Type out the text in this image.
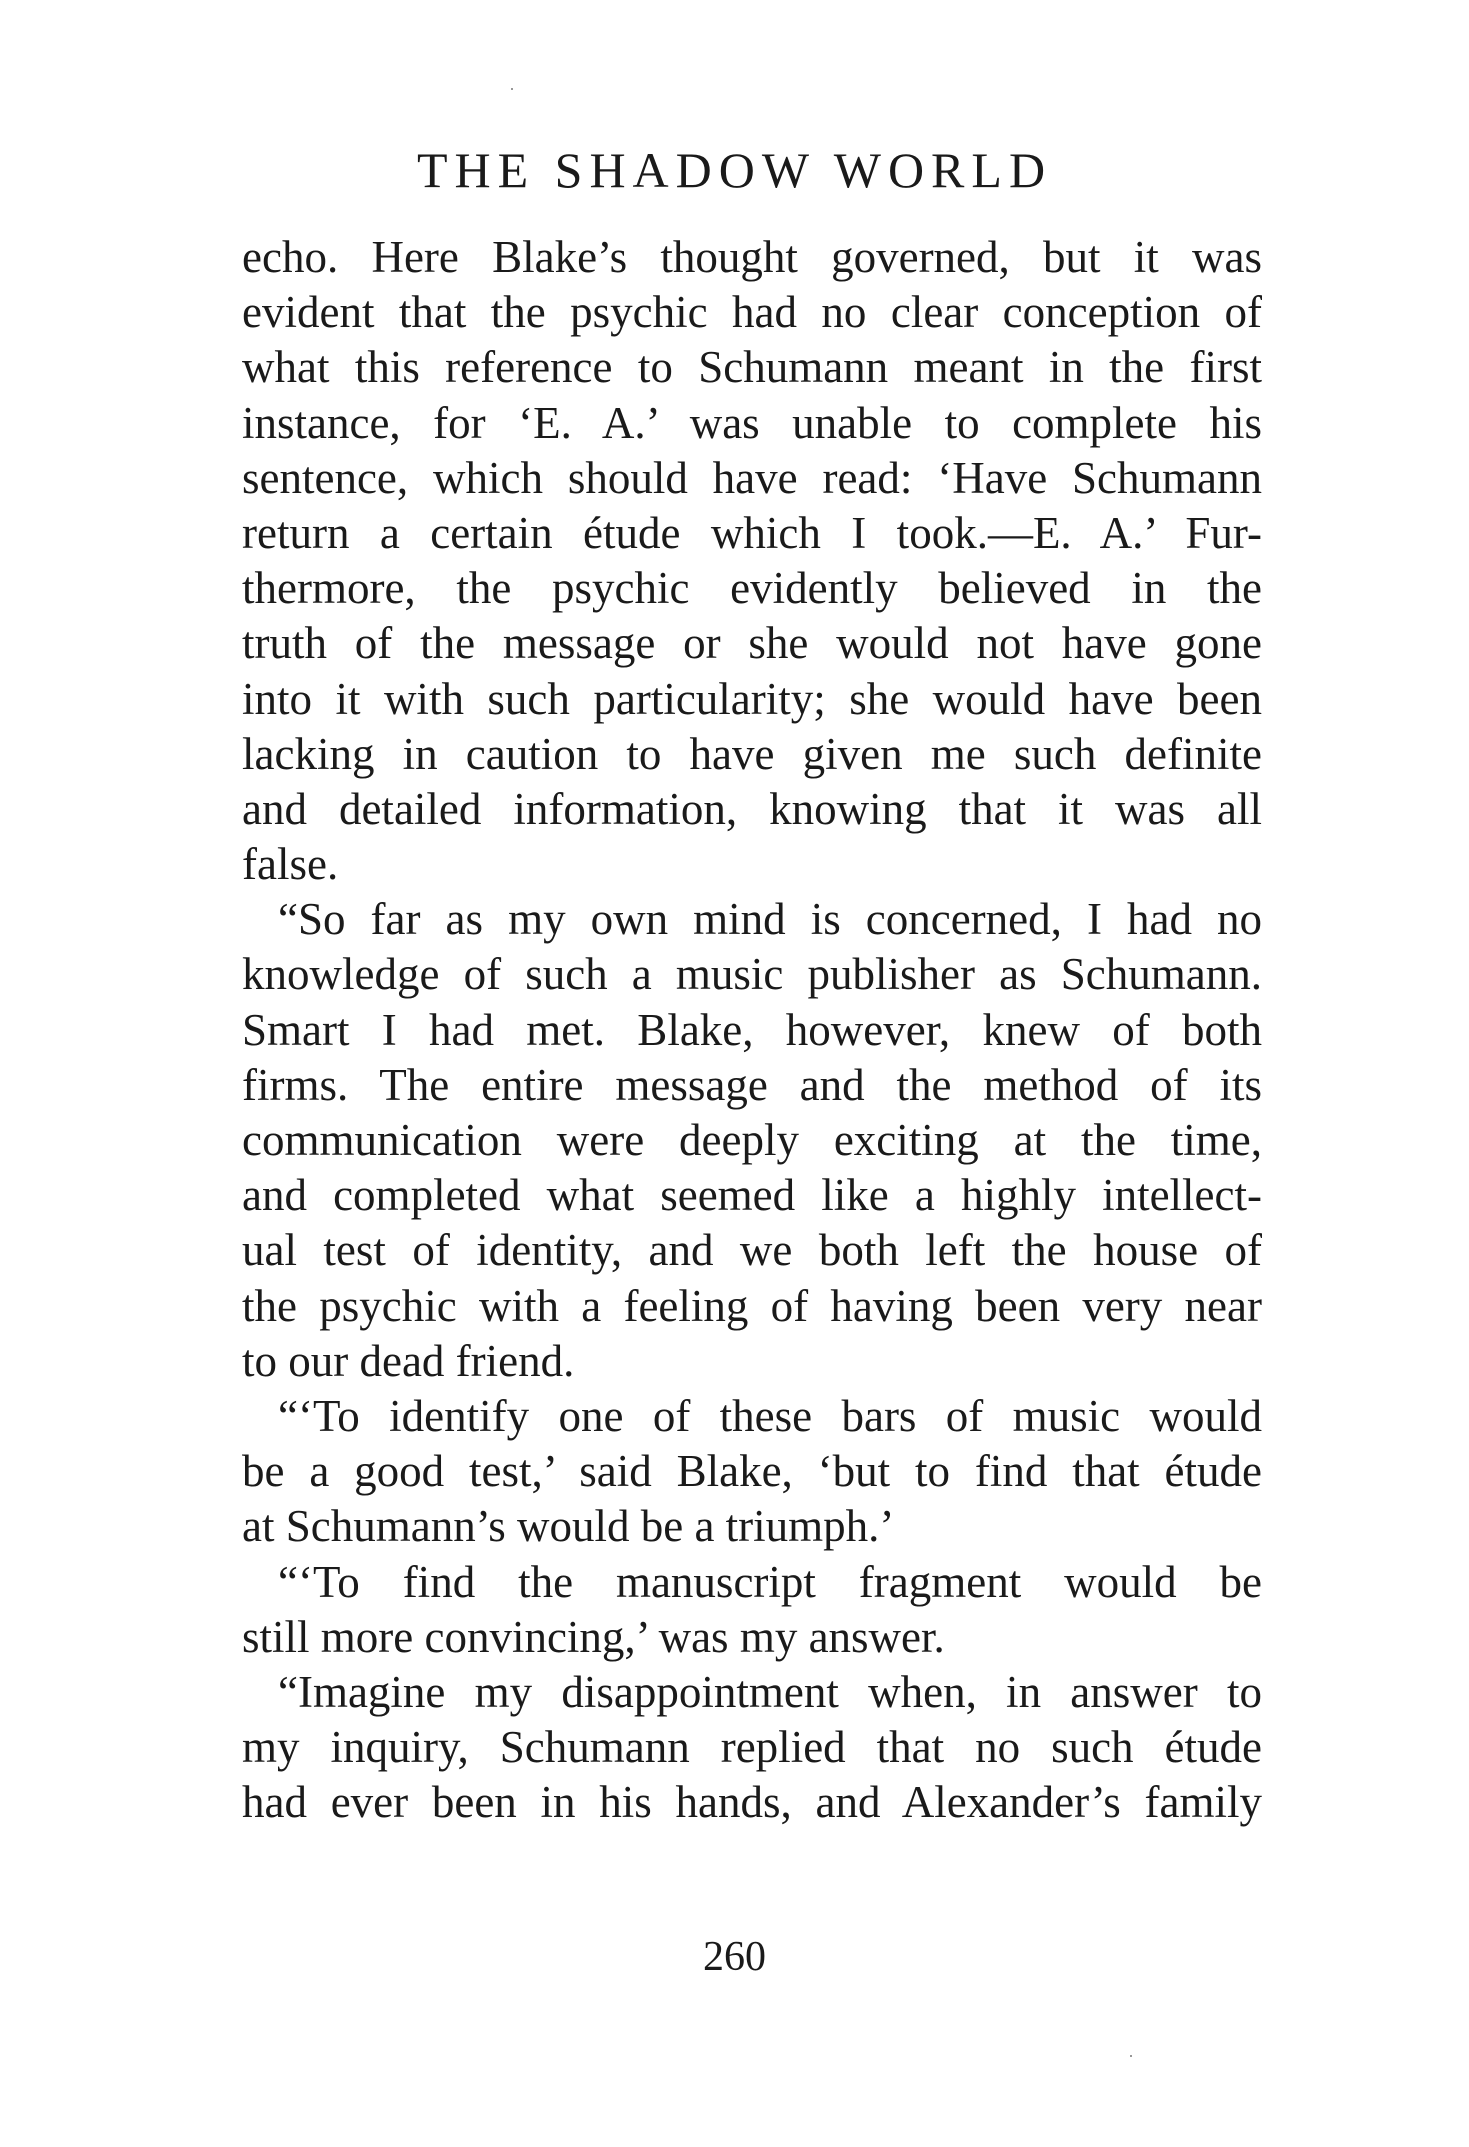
THE SHADOW WORLD
echo. Here Blake’s thought governed, but it was
evident that the psychic had no clear conception of
what this reference to Schumann meant in the first
instance, for ‘E. A.’ was unable to complete his
sentence, which should have read: ‘Have Schumann
return a certain étude which I took.—E. A.’ Fur-
thermore, the psychic evidently believed in the
truth of the message or she would not have gone
into it with such particularity; she would have been
lacking in caution to have given me such definite
and detailed information, knowing that it was all
false.
“So far as my own mind is concerned, I had no
knowledge of such a music publisher as Schumann.
Smart I had met. Blake, however, knew of both
firms. The entire message and the method of its
communication were deeply exciting at the time,
and completed what seemed like a highly intellect-
ual test of identity, and we both left the house of
the psychic with a feeling of having been very near
to our dead friend.
“‘To identify one of these bars of music would
be a good test,’ said Blake, ‘but to find that étude
at Schumann’s would be a triumph.’
“‘To find the manuscript fragment would be
still more convincing,’ was my answer.
“Imagine my disappointment when, in answer to
my inquiry, Schumann replied that no such étude
had ever been in his hands, and Alexander’s family
260
